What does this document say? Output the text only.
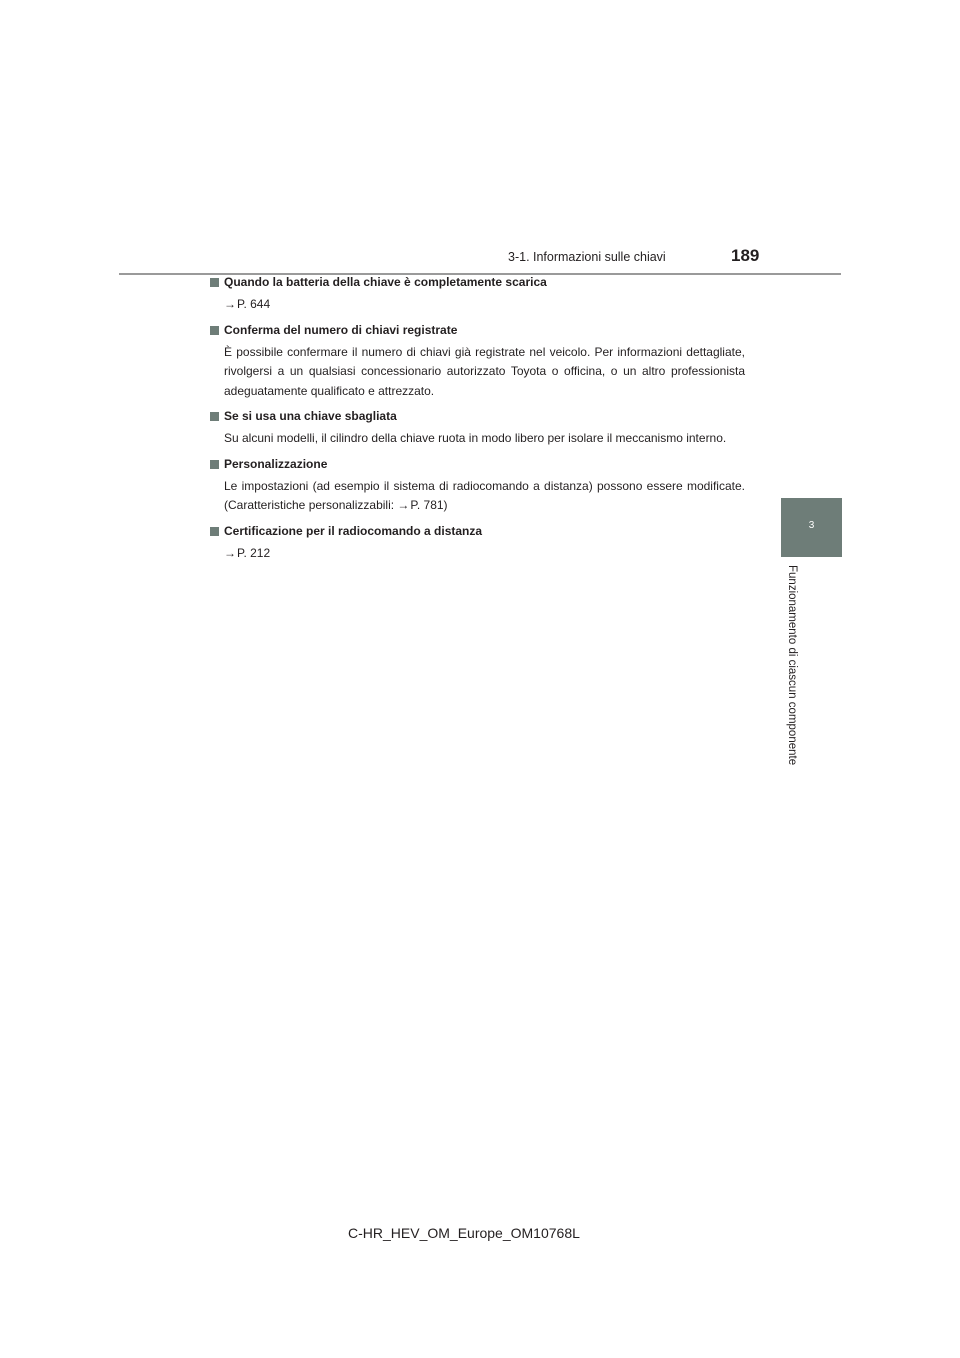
3-1. Informazioni sulle chiavi	189
3
Funzionamento di ciascun componente
Quando la batteria della chiave è completamente scarica
→P. 644
Conferma del numero di chiavi registrate
È possibile confermare il numero di chiavi già registrate nel veicolo. Per informazioni dettagliate, rivolgersi a un qualsiasi concessionario autorizzato Toyota o officina, o un altro professionista adeguatamente qualificato e attrezzato.
Se si usa una chiave sbagliata
Su alcuni modelli, il cilindro della chiave ruota in modo libero per isolare il meccanismo interno.
Personalizzazione
Le impostazioni (ad esempio il sistema di radiocomando a distanza) possono essere modificate. (Caratteristiche personalizzabili: →P. 781)
Certificazione per il radiocomando a distanza
→P. 212
C-HR_HEV_OM_Europe_OM10768L
